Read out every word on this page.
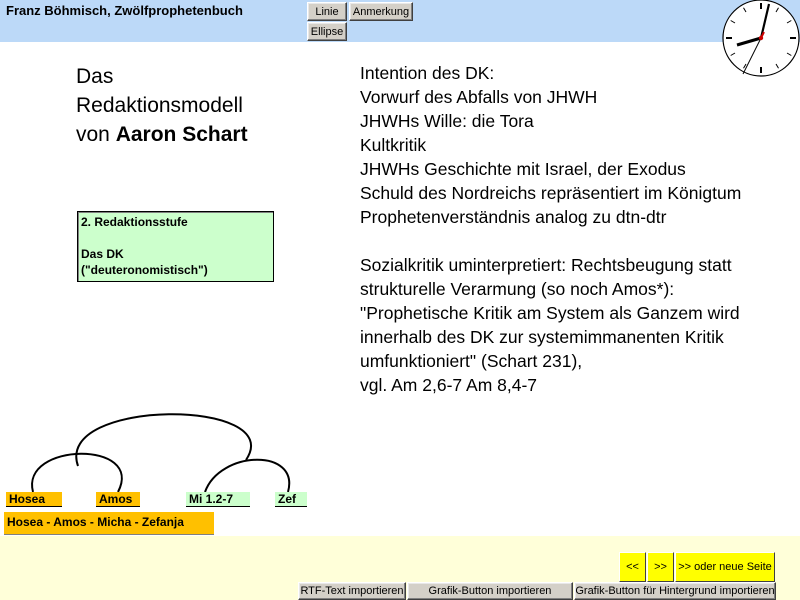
Franz Böhmisch, Zwölfprophetenbuch	Linie	Anmerkung
Ellipse
Das
Redaktionsmodell
von Aaron Schart
2. Redaktionsstufe
Das DK
("deuteronomistisch")
Intention des DK:
Vorwurf des Abfalls von JHWH
JHWHs Wille: die Tora
Kultkritik
JHWHs Geschichte mit Israel, der Exodus
Schuld des Nordreichs repräsentiert im Königtum
Prophetenverständnis analog zu dtn-dtr
Sozialkritik uminterpretiert: Rechtsbeugung statt
strukturelle Verarmung (so noch Amos*):
"Prophetische Kritik am System als Ganzem wird
innerhalb des DK zur systemimmanenten Kritik
umfunktioniert" (Schart 231),
vgl. Am 2,6-7 Am 8,4-7
Hosea	Amos	Mi 1.2-7	Zef
Hosea - Amos - Micha - Zefanja
<<	>>	>> oder neue Seite
RTF-Text importieren	Grafik-Button importieren	Grafik-Button für Hintergrund importieren
